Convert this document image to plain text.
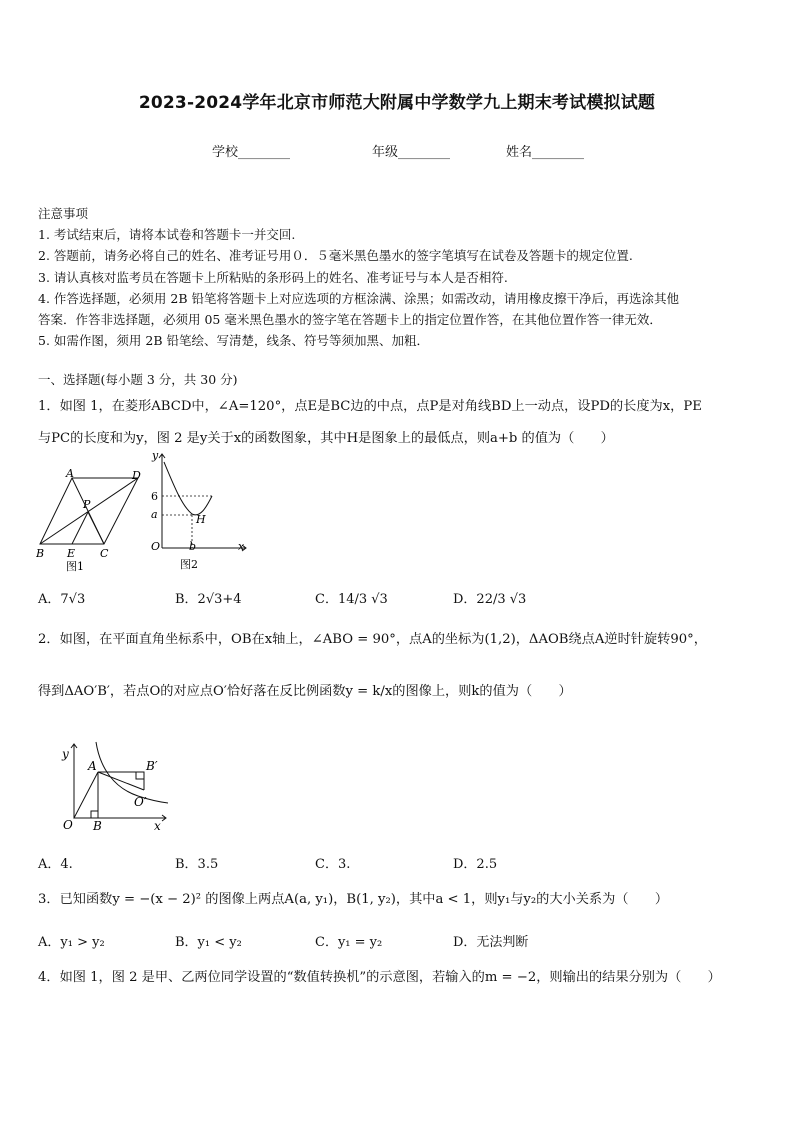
2023-2024学年北京市师范大附属中学数学九上期末考试模拟试题
学校________	年级________	姓名________
注意事项
1. 考试结束后，请将本试卷和答题卡一并交回.
2. 答题前，请务必将自己的姓名、准考证号用０．５毫米黑色墨水的签字笔填写在试卷及答题卡的规定位置.
3. 请认真核对监考员在答题卡上所粘贴的条形码上的姓名、准考证号与本人是否相符.
4. 作答选择题，必须用 2B 铅笔将答题卡上对应选项的方框涂满、涂黑；如需改动，请用橡皮擦干净后，再选涂其他
答案．作答非选择题，必须用 05 毫米黑色墨水的签字笔在答题卡上的指定位置作答，在其他位置作答一律无效．
5. 如需作图，须用 2B 铅笔绘、写清楚，线条、符号等须加黑、加粗．
一、选择题(每小题 3 分，共 30 分)
1．如图 1，在菱形ABCD中，∠A=120°，点E是BC边的中点，点P是对角线BD上一动点，设PD的长度为x，PE
与PC的长度和为y，图 2 是y关于x的函数图象，其中H是图象上的最低点，则a+b 的值为（　　）
A	D
P
B E C
图1
y
6
a	H
O	b	x
图2
A．7√3	B．2√3+4	C．14/3 √3	D．22/3 √3
2．如图，在平面直角坐标系中，OB在x轴上，∠ABO = 90°，点A的坐标为(1,2)，ΔAOB绕点A逆时针旋转90°，
得到ΔAO′B′，若点O的对应点O′恰好落在反比例函数y = k/x的图像上，则k的值为（　　）
y
A	B′
O′
O B	x
A．4.	B．3.5	C．3.	D．2.5
3．已知函数y = −(x − 2)² 的图像上两点A(a, y₁)，B(1, y₂)，其中a < 1，则y₁与y₂的大小关系为（　　）
A．y₁ > y₂	B．y₁ < y₂	C．y₁ = y₂	D．无法判断
4．如图 1，图 2 是甲、乙两位同学设置的“数值转换机”的示意图，若输入的m = −2，则输出的结果分别为（　　）
